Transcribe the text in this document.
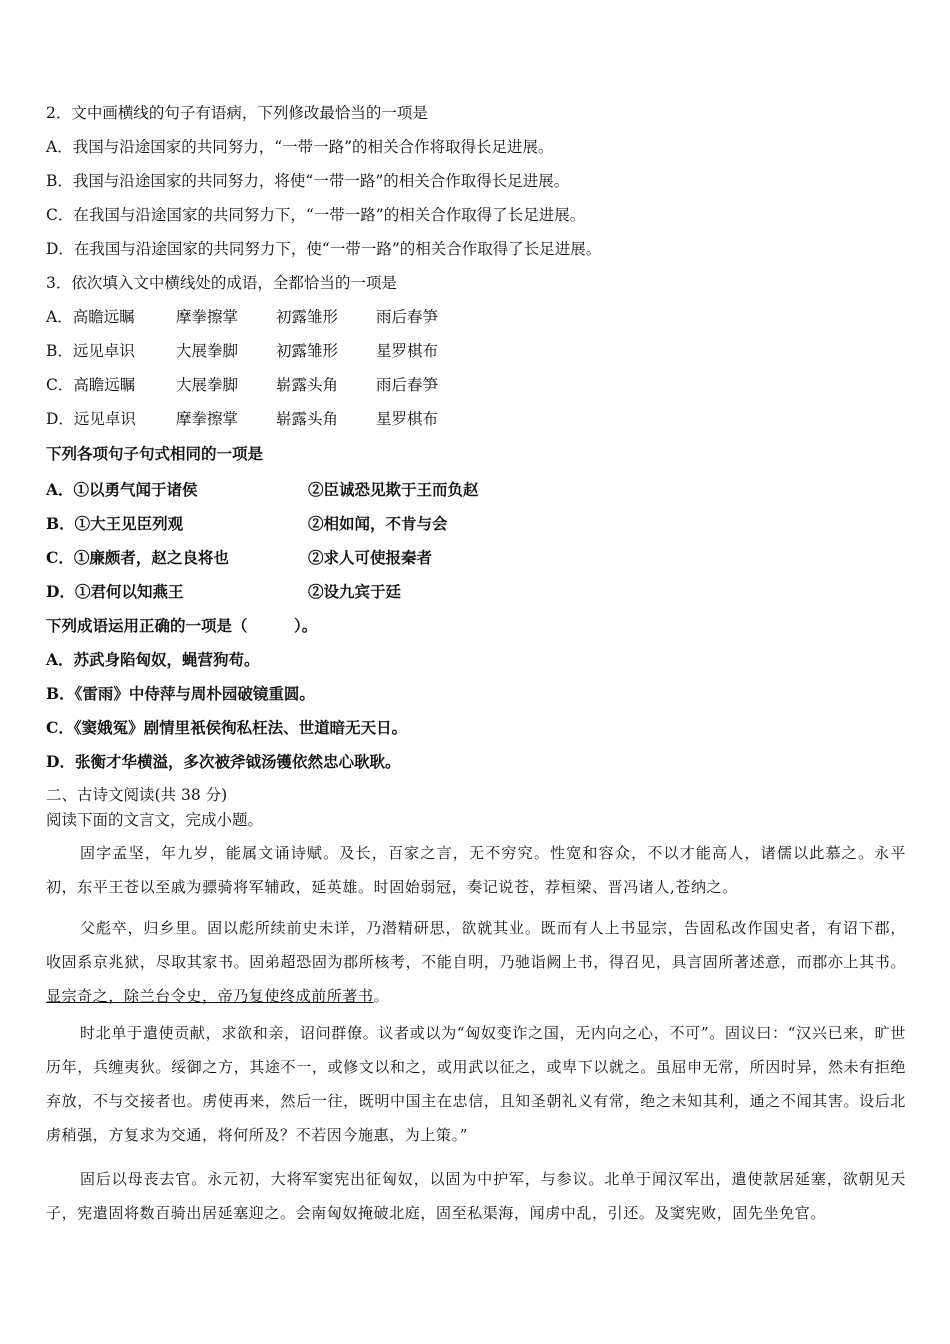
2．文中画横线的句子有语病，下列修改最恰当的一项是
A．我国与沿途国家的共同努力，“一带一路”的相关合作将取得长足进展。
B．我国与沿途国家的共同努力，将使“一带一路”的相关合作取得长足进展。
C．在我国与沿途国家的共同努力下，“一带一路”的相关合作取得了长足进展。
D．在我国与沿途国家的共同努力下，使“一带一路”的相关合作取得了长足进展。
3．依次填入文中横线处的成语，全都恰当的一项是
A．高瞻远瞩	摩拳擦掌 初露雏形 雨后春笋
B．远见卓识	大展拳脚 初露雏形 星罗棋布
C．高瞻远瞩	大展拳脚 崭露头角 雨后春笋
D．远见卓识	摩拳擦掌 崭露头角 星罗棋布
下列各项句子句式相同的一项是
A．①以勇气闻于诸侯	②臣诚恐见欺于王而负赵
B．①大王见臣列观	②相如闻，不肯与会
C．①廉颇者，赵之良将也	②求人可使报秦者
D．①君何以知燕王	②设九宾于廷
下列成语运用正确的一项是（　　　）。
A．苏武身陷匈奴，蝇营狗苟。
B．《雷雨》中侍萍与周朴园破镜重圆。
C．《窦娥冤》剧情里衹侯徇私枉法、世道暗无天日。
D．张衡才华横溢，多次被斧钺汤镬依然忠心耿耿。
二、古诗文阅读(共 38 分)
阅读下面的文言文，完成小题。
固字孟坚，年九岁，能属文诵诗赋。及长，百家之言，无不穷究。性宽和容众，不以才能高人，诸儒以此慕之。永平初，东平王苍以至戚为骠骑将军辅政，延英雄。时固始弱冠，奏记说苍，荐桓梁、晋冯诸人,苍纳之。
父彪卒，归乡里。固以彪所续前史未详，乃潜精研思，欲就其业。既而有人上书显宗，告固私改作国史者，有诏下郡，收固系京兆狱，尽取其家书。固弟超恐固为郡所核考，不能自明，乃驰诣阙上书，得召见，具言固所著述意，而郡亦上其书。显宗奇之，除兰台令史，帝乃复使终成前所著书。
时北单于遣使贡献，求欲和亲，诏问群僚。议者或以为“匈奴变诈之国，无内向之心，不可”。固议曰：“汉兴已来，旷世历年，兵缠夷狄。绥御之方，其途不一，或修文以和之，或用武以征之，或卑下以就之。虽屈申无常，所因时异，然未有拒绝弃放，不与交接者也。虏使再来，然后一往，既明中国主在忠信，且知圣朝礼义有常，绝之未知其利，通之不闻其害。设后北虏稍强，方复求为交通，将何所及？不若因今施惠，为上策。”
固后以母丧去官。永元初，大将军窦宪出征匈奴，以固为中护军，与参议。北单于闻汉军出，遣使款居延塞，欲朝见天子，宪遣固将数百骑出居延塞迎之。会南匈奴掩破北庭，固至私渠海，闻虏中乱，引还。及窦宪败，固先坐免官。
